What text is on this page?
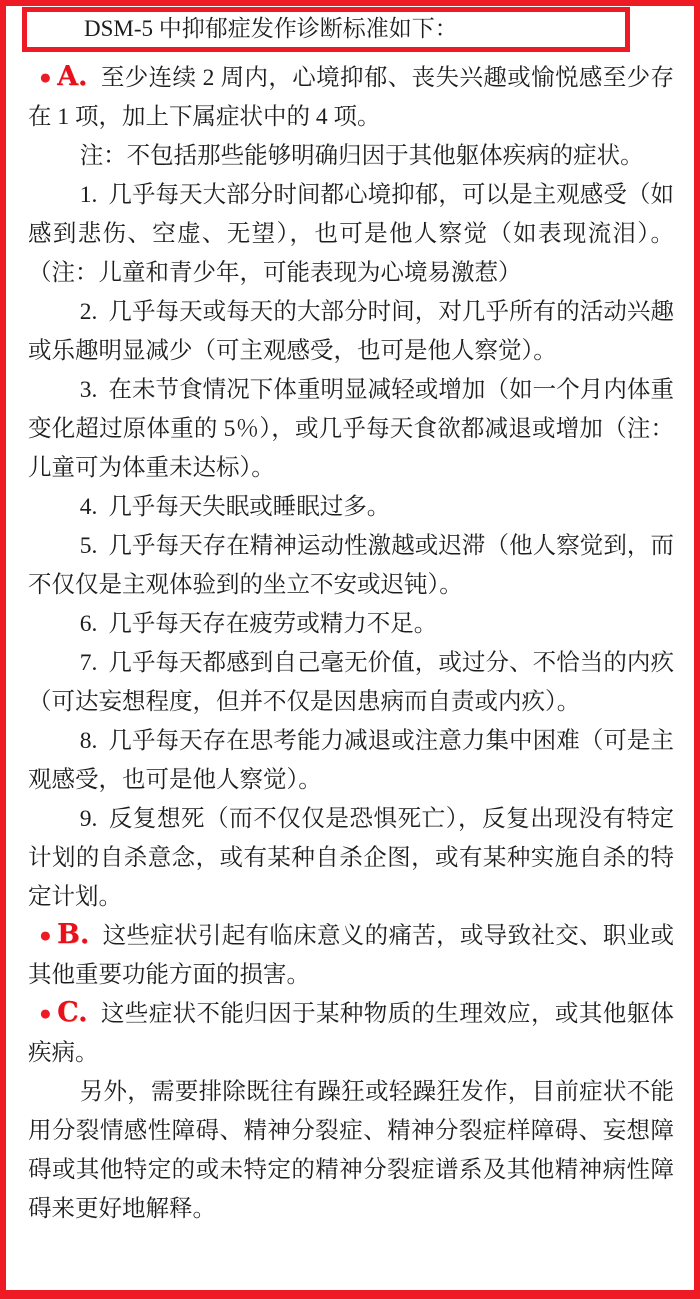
DSM-5 中抑郁症发作诊断标准如下：

● A. 至少连续 2 周内，心境抑郁、丧失兴趣或愉悦感至少存在 1 项，加上下属症状中的 4 项。

注：不包括那些能够明确归因于其他躯体疾病的症状。

1. 几乎每天大部分时间都心境抑郁，可以是主观感受（如感到悲伤、空虚、无望），也可是他人察觉（如表现流泪）。（注：儿童和青少年，可能表现为心境易激惹）

2. 几乎每天或每天的大部分时间，对几乎所有的活动兴趣或乐趣明显减少（可主观感受，也可是他人察觉）。

3. 在未节食情况下体重明显减轻或增加（如一个月内体重变化超过原体重的 5％），或几乎每天食欲都减退或增加（注：儿童可为体重未达标）。

4. 几乎每天失眠或睡眠过多。

5. 几乎每天存在精神运动性激越或迟滞（他人察觉到，而不仅仅是主观体验到的坐立不安或迟钝）。

6. 几乎每天存在疲劳或精力不足。

7. 几乎每天都感到自己毫无价值，或过分、不恰当的内疚（可达妄想程度，但并不仅是因患病而自责或内疚）。

8. 几乎每天存在思考能力减退或注意力集中困难（可是主观感受，也可是他人察觉）。

9. 反复想死（而不仅仅是恐惧死亡），反复出现没有特定计划的自杀意念，或有某种自杀企图，或有某种实施自杀的特定计划。

● B. 这些症状引起有临床意义的痛苦，或导致社交、职业或其他重要功能方面的损害。

● C. 这些症状不能归因于某种物质的生理效应，或其他躯体疾病。

另外，需要排除既往有躁狂或轻躁狂发作，目前症状不能用分裂情感性障碍、精神分裂症、精神分裂症样障碍、妄想障碍或其他特定的或未特定的精神分裂症谱系及其他精神病性障碍来更好地解释。
